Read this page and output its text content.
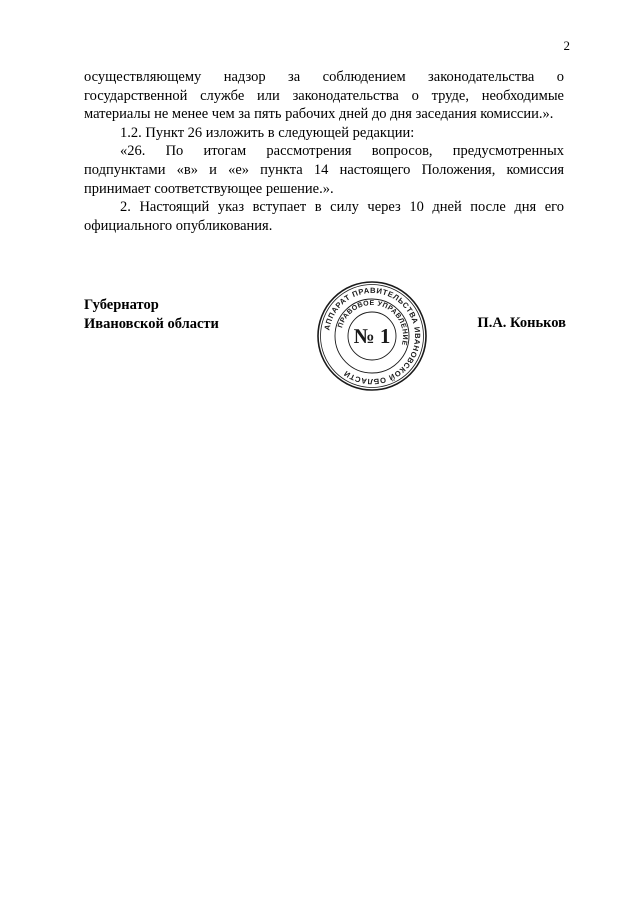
2

осуществляющему надзор за соблюдением законодательства о государственной службе или законодательства о труде, необходимые материалы не менее чем за пять рабочих дней до дня заседания комиссии.».

1.2. Пункт 26 изложить в следующей редакции:

«26. По итогам рассмотрения вопросов, предусмотренных подпунктами «в» и «е» пункта 14 настоящего Положения, комиссия принимает соответствующее решение.».

2. Настоящий указ вступает в силу через 10 дней после дня его официального опубликования.

Губернатор
Ивановской области	АППАРАТ ПРАВИТЕЛЬСТВА ИВАНОВСКОЙ ОБЛАСТИ
ПРАВОВОЕ УПРАВЛЕНИЕ
№ 1
П.А. Коньков
